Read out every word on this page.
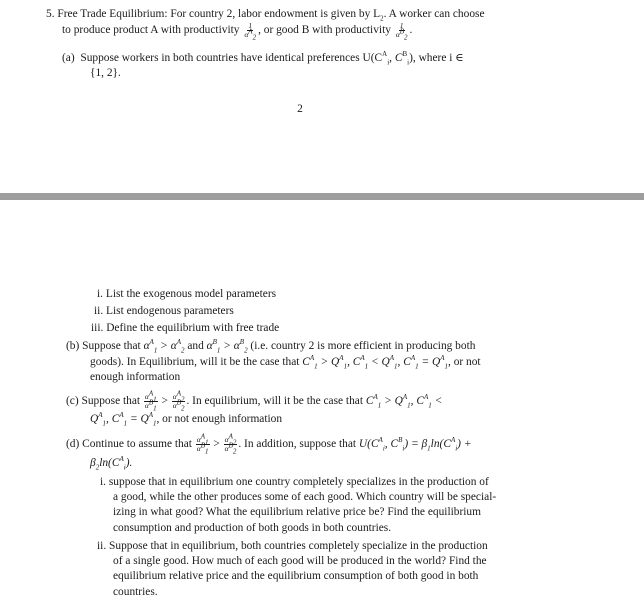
5. Free Trade Equilibrium: For country 2, labor endowment is given by $L_2$. A worker can choose
to produce product A with productivity $\frac{1}{\alpha^A_2}$ , or good B with productivity $\frac{1}{\alpha^B_2}$ .
(a) Suppose workers in both countries have identical preferences $U(C^A_i$, $C^B_i$), where i ∈
{1, 2}.
2
i. List the exogenous model parameters
ii. List endogenous parameters
iii. Define the equilibrium with free trade
(b) Suppose that $\alpha^A_1 > \alpha^A_2$ and $\alpha^B_1 > \alpha^B_2$ (i.e. country 2 is more efficient in producing both
goods). In Equilibrium, will it be the case that $C^A_1 > Q^A_1$, $C^A_1 < Q^A_1$, $C^A_1 = Q^A_1$, or not
enough information
(c) Suppose that $\frac{\alpha^A_1}{\alpha^B_1} > \frac{\alpha^A_2}{\alpha^B_2}$ . In equilibrium, will it be the case that $C^A_1 > Q^A_1$, $C^A_1$ <
$Q^A_1$, $C^A_1 = Q^A_1$, or not enough information
(d) Continue to assume that $\frac{\alpha^A_1}{\alpha^B_1} > \frac{\alpha^A_2}{\alpha^B_2}$ . In addition, suppose that $U(C^A_i$, $C^B_i) = \beta_1\ln(C^A_i)$ +
$\beta_2\ln(C^A_i)$.
i. suppose that in equilibrium one country completely specializes in the production of
a good, while the other produces some of each good. Which country will be special-
izing in what good? What the equilibrium relative price be? Find the equilibrium
consumption and production of both goods in both countries.
ii. Suppose that in equilibrium, both countries completely specialize in the production
of a single good. How much of each good will be produced in the world? Find the
equilibrium relative price and the equilibrium consumption of both good in both
countries.
